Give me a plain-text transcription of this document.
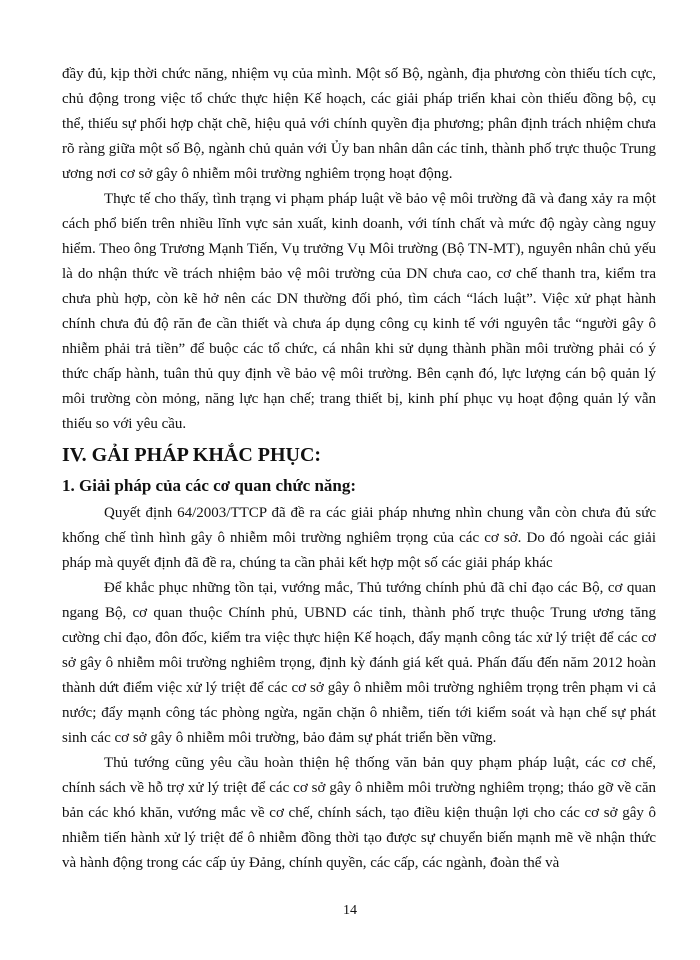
đầy đủ, kịp thời chức năng, nhiệm vụ của mình. Một số Bộ, ngành, địa phương còn thiếu tích cực, chủ động trong việc tổ chức thực hiện Kế hoạch, các giải pháp triển khai còn thiếu đồng bộ, cụ thể, thiếu sự phối hợp chặt chẽ, hiệu quả với chính quyền địa phương; phân định trách nhiệm chưa rõ ràng giữa một số Bộ, ngành chủ quản với Ủy ban nhân dân các tỉnh, thành phố trực thuộc Trung ương nơi cơ sở gây ô nhiễm môi trường nghiêm trọng hoạt động.

Thực tế cho thấy, tình trạng vi phạm pháp luật về bảo vệ môi trường đã và đang xảy ra một cách phổ biến trên nhiều lĩnh vực sản xuất, kinh doanh, với tính chất và mức độ ngày càng nguy hiểm. Theo ông Trương Mạnh Tiến, Vụ trưởng Vụ Môi trường (Bộ TN-MT), nguyên nhân chủ yếu là do nhận thức về trách nhiệm bảo vệ môi trường của DN chưa cao, cơ chế thanh tra, kiểm tra chưa phù hợp, còn kẽ hở nên các DN thường đối phó, tìm cách “lách luật”. Việc xử phạt hành chính chưa đủ độ răn đe cần thiết và chưa áp dụng công cụ kinh tế với nguyên tắc “người gây ô nhiễm phải trả tiền” để buộc các tổ chức, cá nhân khi sử dụng thành phần môi trường phải có ý thức chấp hành, tuân thủ quy định về bảo vệ môi trường. Bên cạnh đó, lực lượng cán bộ quản lý môi trường còn mỏng, năng lực hạn chế; trang thiết bị, kinh phí phục vụ hoạt động quản lý vẫn thiếu so với yêu cầu.

IV. GẢI PHÁP KHẮC PHỤC:
1. Giải pháp của các cơ quan chức năng:

Quyết định 64/2003/TTCP đã đề ra các giải pháp nhưng nhìn chung vẫn còn chưa đủ sức khống chế tình hình gây ô nhiễm môi trường nghiêm trọng của các cơ sở. Do đó ngoài các giải pháp mà quyết định đã đề ra, chúng ta cần phải kết hợp một số các giải pháp khác

Để khắc phục những tồn tại, vướng mắc, Thủ tướng chính phủ đã chỉ đạo các Bộ, cơ quan ngang Bộ, cơ quan thuộc Chính phủ, UBND các tỉnh, thành phố trực thuộc Trung ương tăng cường chỉ đạo, đôn đốc, kiểm tra việc thực hiện Kế hoạch, đẩy mạnh công tác xử lý triệt để các cơ sở gây ô nhiễm môi trường nghiêm trọng, định kỳ đánh giá kết quả. Phấn đấu đến năm 2012 hoàn thành dứt điểm việc xử lý triệt để các cơ sở gây ô nhiễm môi trường nghiêm trọng trên phạm vi cả nước; đẩy mạnh công tác phòng ngừa, ngăn chặn ô nhiễm, tiến tới kiểm soát và hạn chế sự phát sinh các cơ sở gây ô nhiễm môi trường, bảo đảm sự phát triển bền vững.

Thủ tướng cũng yêu cầu hoàn thiện hệ thống văn bản quy phạm pháp luật, các cơ chế, chính sách về hỗ trợ xử lý triệt để các cơ sở gây ô nhiễm môi trường nghiêm trọng; tháo gỡ về căn bản các khó khăn, vướng mắc về cơ chế, chính sách, tạo điều kiện thuận lợi cho các cơ sở gây ô nhiễm tiến hành xử lý triệt để ô nhiễm đồng thời tạo được sự chuyển biến mạnh mẽ về nhận thức và hành động trong các cấp ủy Đảng, chính quyền, các cấp, các ngành, đoàn thể và

14
